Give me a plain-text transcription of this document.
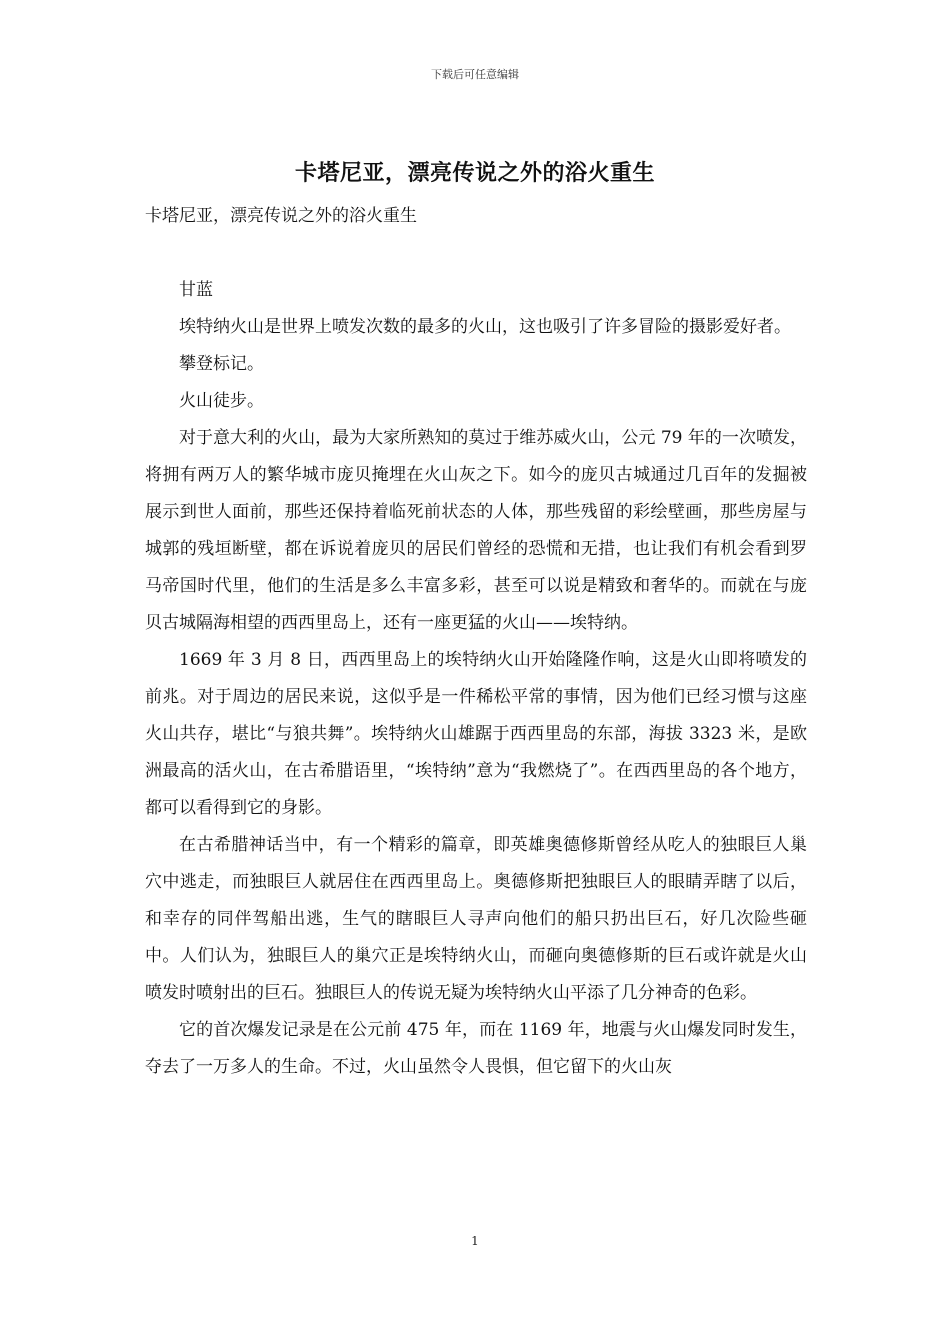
下载后可任意编辑
卡塔尼亚，漂亮传说之外的浴火重生

卡塔尼亚，漂亮传说之外的浴火重生

甘蓝

埃特纳火山是世界上喷发次数的最多的火山，这也吸引了许多冒险的摄影爱好者。

攀登标记。

火山徒步。

对于意大利的火山，最为大家所熟知的莫过于维苏威火山，公元 79 年的一次喷发，将拥有两万人的繁华城市庞贝掩埋在火山灰之下。如今的庞贝古城通过几百年的发掘被展示到世人面前，那些还保持着临死前状态的人体，那些残留的彩绘壁画，那些房屋与城郭的残垣断壁，都在诉说着庞贝的居民们曾经的恐慌和无措，也让我们有机会看到罗马帝国时代里，他们的生活是多么丰富多彩，甚至可以说是精致和奢华的。而就在与庞贝古城隔海相望的西西里岛上，还有一座更猛的火山——埃特纳。

1669 年 3 月 8 日，西西里岛上的埃特纳火山开始隆隆作响，这是火山即将喷发的前兆。对于周边的居民来说，这似乎是一件稀松平常的事情，因为他们已经习惯与这座火山共存，堪比“与狼共舞”。埃特纳火山雄踞于西西里岛的东部，海拔 3323 米，是欧洲最高的活火山，在古希腊语里，“埃特纳”意为“我燃烧了”。在西西里岛的各个地方，都可以看得到它的身影。

在古希腊神话当中，有一个精彩的篇章，即英雄奥德修斯曾经从吃人的独眼巨人巢穴中逃走，而独眼巨人就居住在西西里岛上。奥德修斯把独眼巨人的眼睛弄瞎了以后，和幸存的同伴驾船出逃，生气的瞎眼巨人寻声向他们的船只扔出巨石，好几次险些砸中。人们认为，独眼巨人的巢穴正是埃特纳火山，而砸向奥德修斯的巨石或许就是火山喷发时喷射出的巨石。独眼巨人的传说无疑为埃特纳火山平添了几分神奇的色彩。

它的首次爆发记录是在公元前 475 年，而在 1169 年，地震与火山爆发同时发生，夺去了一万多人的生命。不过，火山虽然令人畏惧，但它留下的火山灰

1
